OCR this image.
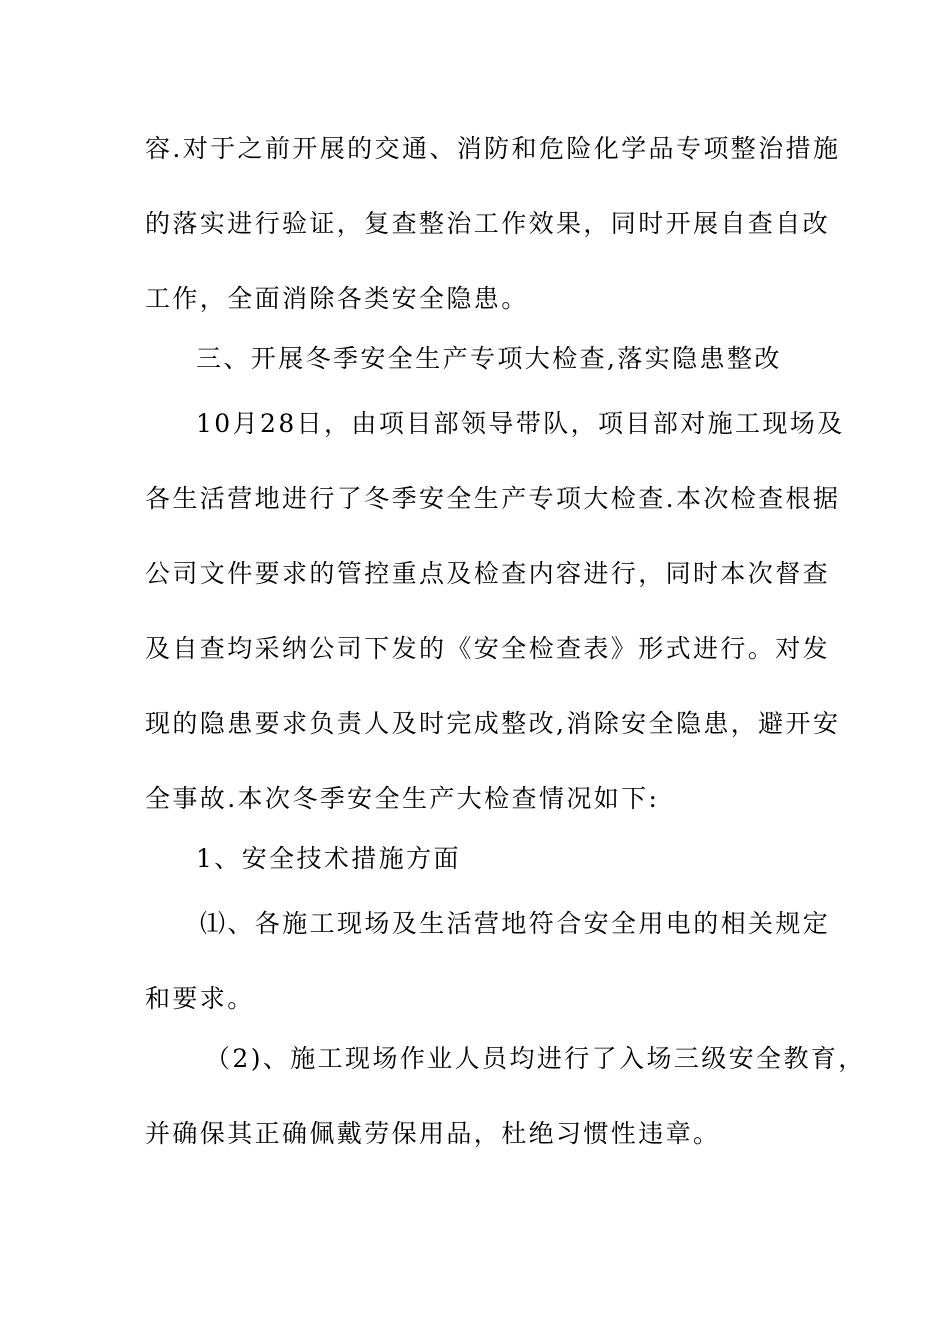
容.对于之前开展的交通、消防和危险化学品专项整治措施
的落实进行验证，复查整治工作效果，同时开展自查自改
工作，全面消除各类安全隐患。
三、开展冬季安全生产专项大检查,落实隐患整改
10月28日，由项目部领导带队，项目部对施工现场及
各生活营地进行了冬季安全生产专项大检查.本次检查根据
公司文件要求的管控重点及检查内容进行，同时本次督查
及自查均采纳公司下发的《安全检查表》形式进行。对发
现的隐患要求负责人及时完成整改,消除安全隐患，避开安
全事故.本次冬季安全生产大检查情况如下:
1、安全技术措施方面
⑴、各施工现场及生活营地符合安全用电的相关规定
和要求。
（2)、施工现场作业人员均进行了入场三级安全教育，
并确保其正确佩戴劳保用品，杜绝习惯性违章。
